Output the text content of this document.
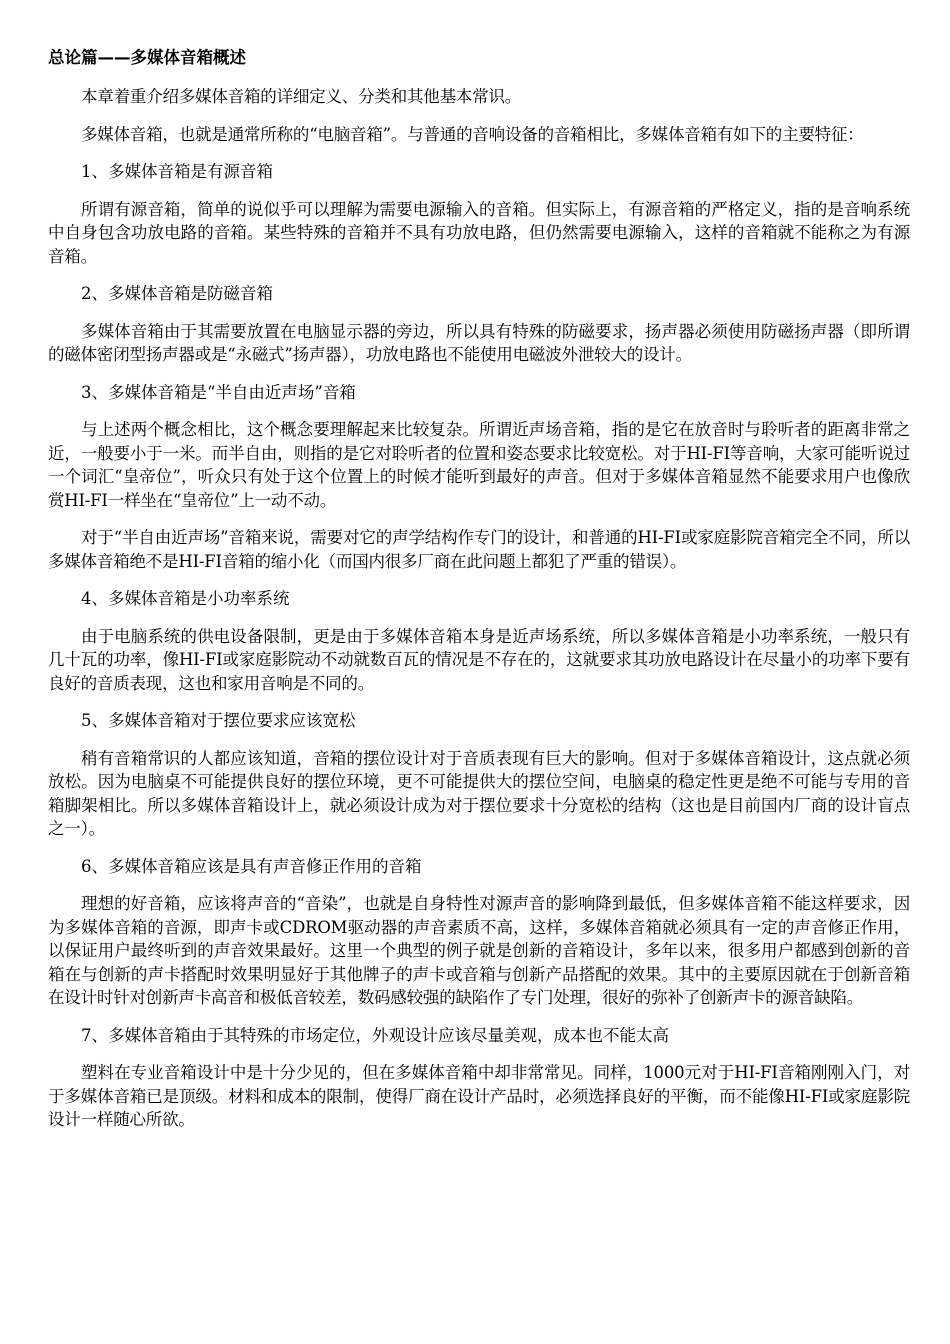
总论篇——多媒体音箱概述

本章着重介绍多媒体音箱的详细定义、分类和其他基本常识。

多媒体音箱，也就是通常所称的“电脑音箱”。与普通的音响设备的音箱相比，多媒体音箱有如下的主要特征：

1、多媒体音箱是有源音箱

所谓有源音箱，简单的说似乎可以理解为需要电源输入的音箱。但实际上，有源音箱的严格定义，指的是音响系统中自身包含功放电路的音箱。某些特殊的音箱并不具有功放电路，但仍然需要电源输入，这样的音箱就不能称之为有源音箱。

2、多媒体音箱是防磁音箱

多媒体音箱由于其需要放置在电脑显示器的旁边，所以具有特殊的防磁要求，扬声器必须使用防磁扬声器（即所谓的磁体密闭型扬声器或是“永磁式”扬声器），功放电路也不能使用电磁波外泄较大的设计。

3、多媒体音箱是“半自由近声场”音箱

与上述两个概念相比，这个概念要理解起来比较复杂。所谓近声场音箱，指的是它在放音时与聆听者的距离非常之近，一般要小于一米。而半自由，则指的是它对聆听者的位置和姿态要求比较宽松。对于HI-FI等音响，大家可能听说过一个词汇“皇帝位”，听众只有处于这个位置上的时候才能听到最好的声音。但对于多媒体音箱显然不能要求用户也像欣赏HI-FI一样坐在“皇帝位”上一动不动。

对于“半自由近声场”音箱来说，需要对它的声学结构作专门的设计，和普通的HI-FI或家庭影院音箱完全不同，所以多媒体音箱绝不是HI-FI音箱的缩小化（而国内很多厂商在此问题上都犯了严重的错误）。

4、多媒体音箱是小功率系统

由于电脑系统的供电设备限制，更是由于多媒体音箱本身是近声场系统，所以多媒体音箱是小功率系统，一般只有几十瓦的功率，像HI-FI或家庭影院动不动就数百瓦的情况是不存在的，这就要求其功放电路设计在尽量小的功率下要有良好的音质表现，这也和家用音响是不同的。

5、多媒体音箱对于摆位要求应该宽松

稍有音箱常识的人都应该知道，音箱的摆位设计对于音质表现有巨大的影响。但对于多媒体音箱设计，这点就必须放松。因为电脑桌不可能提供良好的摆位环境，更不可能提供大的摆位空间，电脑桌的稳定性更是绝不可能与专用的音箱脚架相比。所以多媒体音箱设计上，就必须设计成为对于摆位要求十分宽松的结构（这也是目前国内厂商的设计盲点之一）。

6、多媒体音箱应该是具有声音修正作用的音箱

理想的好音箱，应该将声音的“音染”，也就是自身特性对源声音的影响降到最低，但多媒体音箱不能这样要求，因为多媒体音箱的音源，即声卡或CDROM驱动器的声音素质不高，这样，多媒体音箱就必须具有一定的声音修正作用，以保证用户最终听到的声音效果最好。这里一个典型的例子就是创新的音箱设计，多年以来，很多用户都感到创新的音箱在与创新的声卡搭配时效果明显好于其他牌子的声卡或音箱与创新产品搭配的效果。其中的主要原因就在于创新音箱在设计时针对创新声卡高音和极低音较差，数码感较强的缺陷作了专门处理，很好的弥补了创新声卡的源音缺陷。

7、多媒体音箱由于其特殊的市场定位，外观设计应该尽量美观，成本也不能太高

塑料在专业音箱设计中是十分少见的，但在多媒体音箱中却非常常见。同样，1000元对于HI-FI音箱刚刚入门，对于多媒体音箱已是顶级。材料和成本的限制，使得厂商在设计产品时，必须选择良好的平衡，而不能像HI-FI或家庭影院设计一样随心所欲。
